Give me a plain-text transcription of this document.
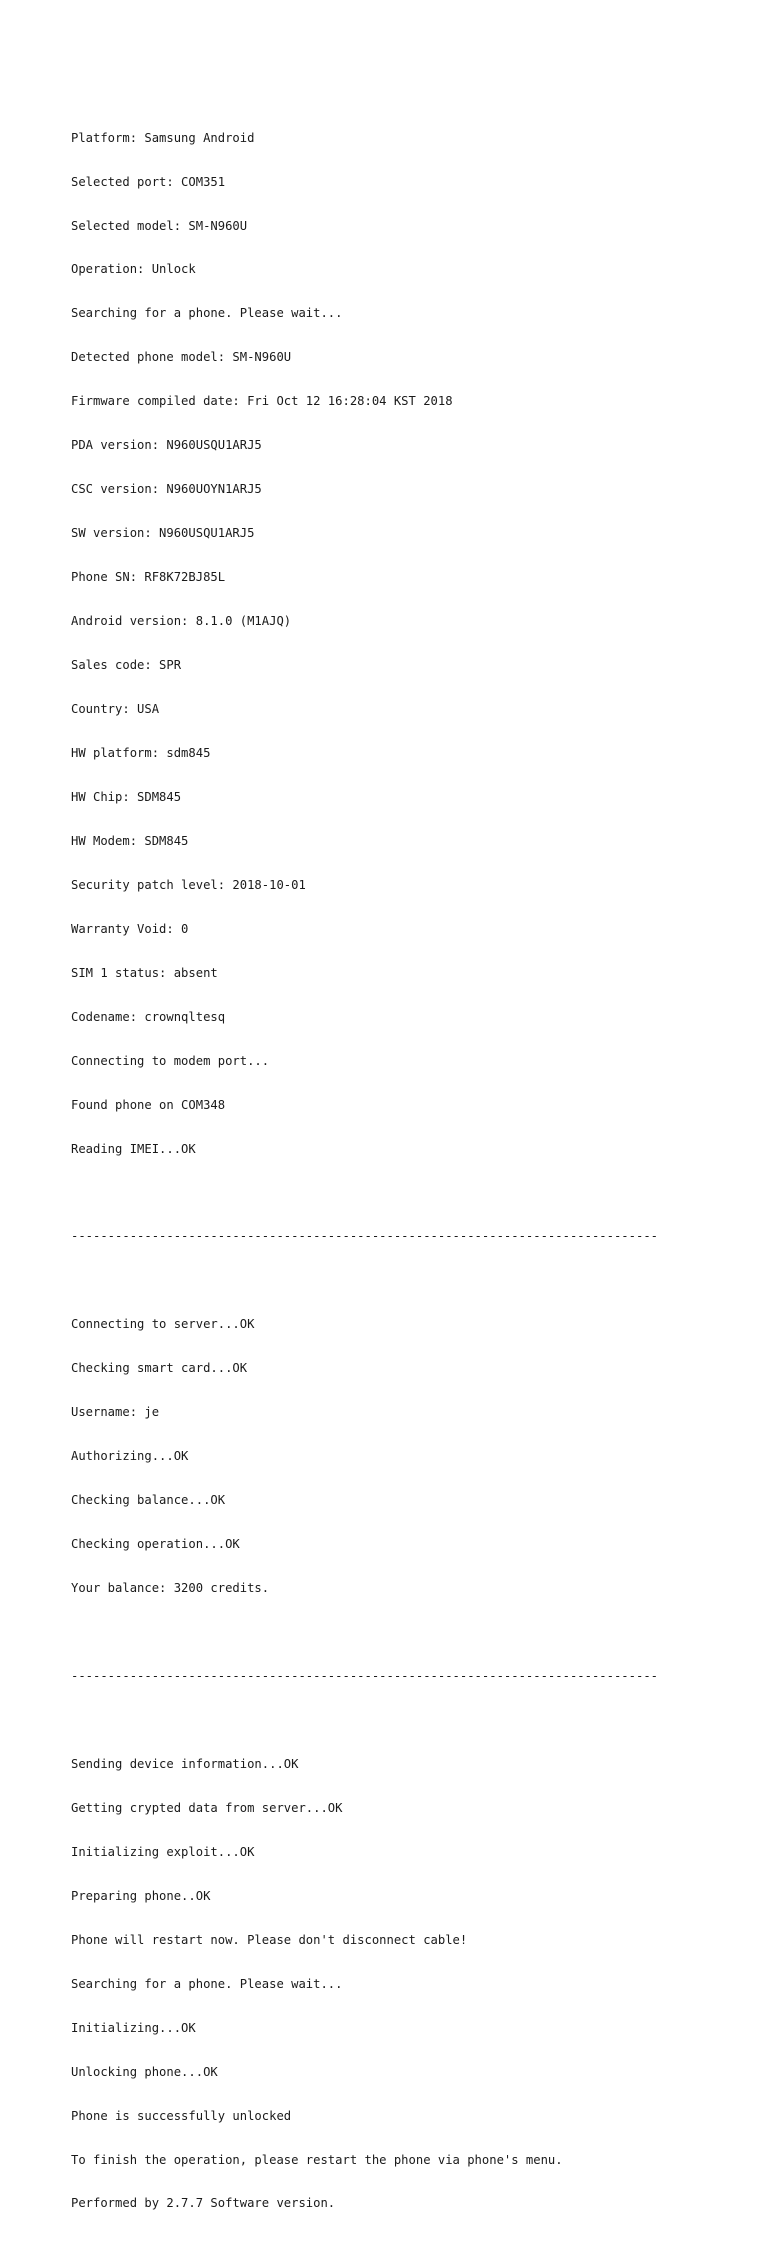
Platform: Samsung Android

Selected port: COM351

Selected model: SM-N960U

Operation: Unlock

Searching for a phone. Please wait...

Detected phone model: SM-N960U

Firmware compiled date: Fri Oct 12 16:28:04 KST 2018

PDA version: N960USQU1ARJ5

CSC version: N960UOYN1ARJ5

SW version: N960USQU1ARJ5

Phone SN: RF8K72BJ85L

Android version: 8.1.0 (M1AJQ)

Sales code: SPR

Country: USA

HW platform: sdm845

HW Chip: SDM845

HW Modem: SDM845

Security patch level: 2018-10-01

Warranty Void: 0

SIM 1 status: absent

Codename: crownqltesq

Connecting to modem port...

Found phone on COM348

Reading IMEI...OK

--------------------------------------------------------------------------------

Connecting to server...OK

Checking smart card...OK

Username: je

Authorizing...OK

Checking balance...OK

Checking operation...OK

Your balance: 3200 credits.

--------------------------------------------------------------------------------

Sending device information...OK

Getting crypted data from server...OK

Initializing exploit...OK

Preparing phone..OK

Phone will restart now. Please don't disconnect cable!

Searching for a phone. Please wait...

Initializing...OK

Unlocking phone...OK

Phone is successfully unlocked

To finish the operation, please restart the phone via phone's menu.

Performed by 2.7.7 Software version.
